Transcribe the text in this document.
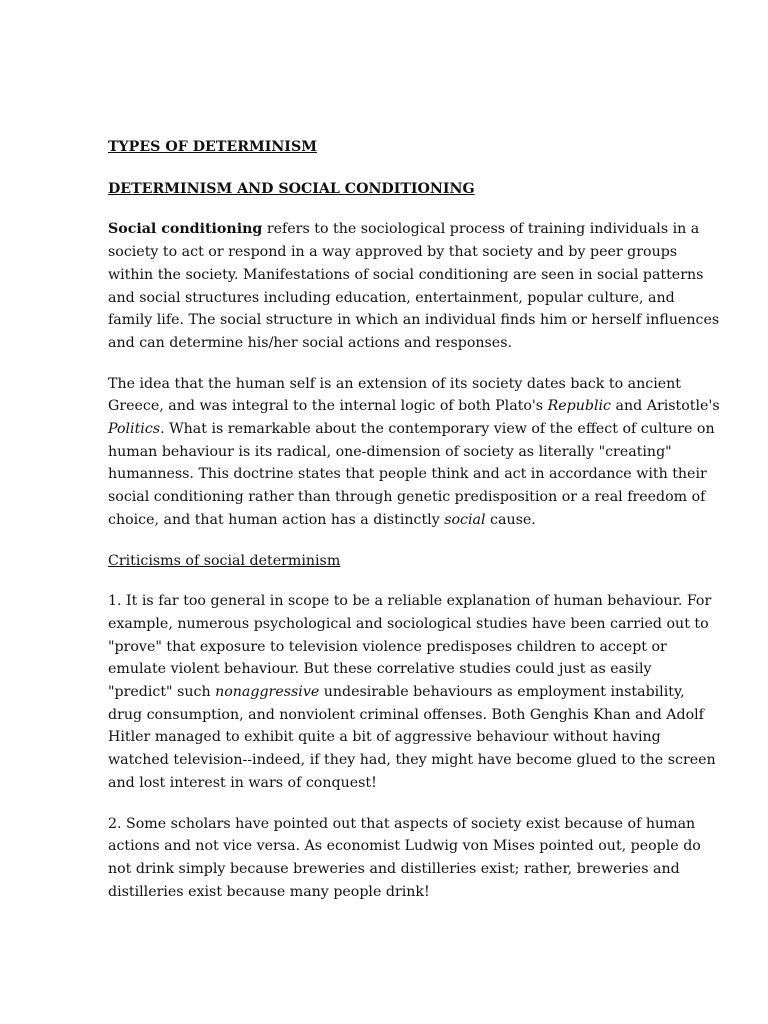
TYPES OF DETERMINISM

DETERMINISM AND SOCIAL CONDITIONING

Social conditioning refers to the sociological process of training individuals in a society to act or respond in a way approved by that society and by peer groups within the society. Manifestations of social conditioning are seen in social patterns and social structures including education, entertainment, popular culture, and family life. The social structure in which an individual finds him or herself influences and can determine his/her social actions and responses.

The idea that the human self is an extension of its society dates back to ancient Greece, and was integral to the internal logic of both Plato's Republic and Aristotle's Politics. What is remarkable about the contemporary view of the effect of culture on human behaviour is its radical, one-dimension of society as literally "creating" humanness. This doctrine states that people think and act in accordance with their social conditioning rather than through genetic predisposition or a real freedom of choice, and that human action has a distinctly social cause.

Criticisms of social determinism

1. It is far too general in scope to be a reliable explanation of human behaviour. For example, numerous psychological and sociological studies have been carried out to "prove" that exposure to television violence predisposes children to accept or emulate violent behaviour. But these correlative studies could just as easily "predict" such nonaggressive undesirable behaviours as employment instability, drug consumption, and nonviolent criminal offenses. Both Genghis Khan and Adolf Hitler managed to exhibit quite a bit of aggressive behaviour without having watched television--indeed, if they had, they might have become glued to the screen and lost interest in wars of conquest!

2. Some scholars have pointed out that aspects of society exist because of human actions and not vice versa. As economist Ludwig von Mises pointed out, people do not drink simply because breweries and distilleries exist; rather, breweries and distilleries exist because many people drink!
